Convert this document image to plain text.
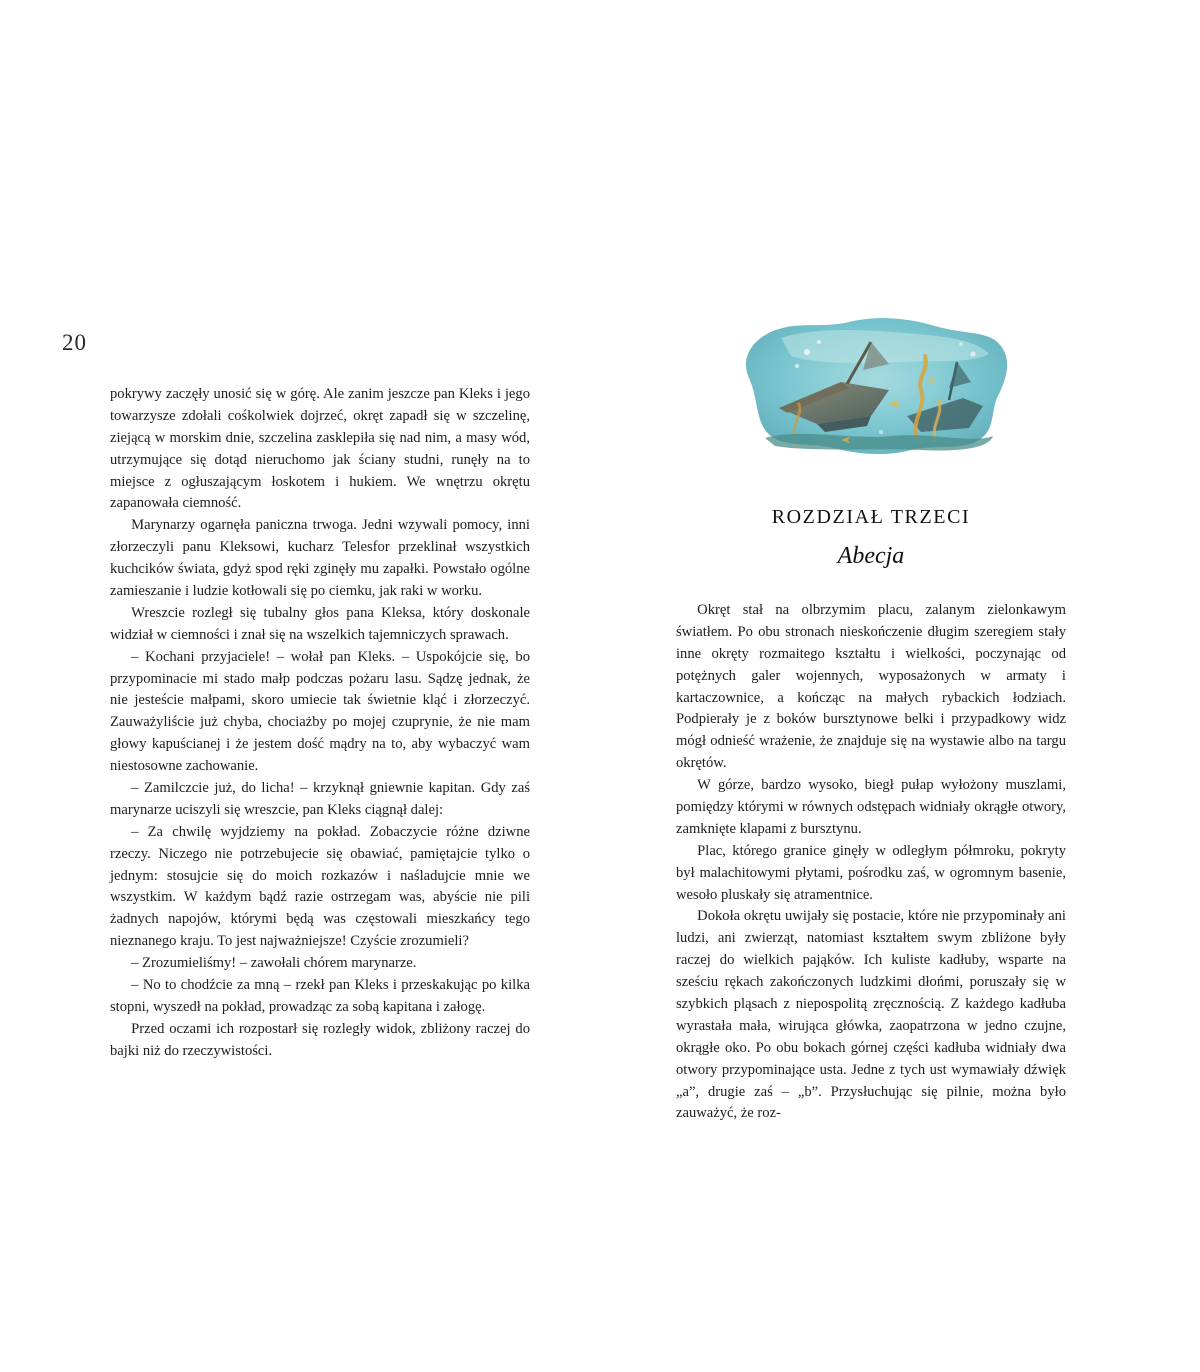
20

pokrywy zaczęły unosić się w górę. Ale zanim jeszcze pan Kleks i jego towarzysze zdołali cośkolwiek dojrzeć, okręt zapadł się w szczelinę, ziejącą w morskim dnie, szczelina zasklepiła się nad nim, a masy wód, utrzymujące się dotąd nieruchomo jak ściany studni, runęły na to miejsce z ogłuszającym łoskotem i hukiem. We wnętrzu okrętu zapanowała ciemność.

Marynarzy ogarnęła paniczna trwoga. Jedni wzywali pomocy, inni złorzeczyli panu Kleksowi, kucharz Telesfor przeklinał wszystkich kuchcików świata, gdyż spod ręki zginęły mu zapałki. Powstało ogólne zamieszanie i ludzie kotłowali się po ciemku, jak raki w worku.

Wreszcie rozległ się tubalny głos pana Kleksa, który doskonale widział w ciemności i znał się na wszelkich tajemniczych sprawach.

– Kochani przyjaciele! – wołał pan Kleks. – Uspokójcie się, bo przypominacie mi stado małp podczas pożaru lasu. Sądzę jednak, że nie jesteście małpami, skoro umiecie tak świetnie kląć i złorzeczyć. Zauważyliście już chyba, chociażby po mojej czuprynie, że nie mam głowy kapuścianej i że jestem dość mądry na to, aby wybaczyć wam niestosowne zachowanie.

– Zamilczcie już, do licha! – krzyknął gniewnie kapitan. Gdy zaś marynarze uciszyli się wreszcie, pan Kleks ciągnął dalej:

– Za chwilę wyjdziemy na pokład. Zobaczycie różne dziwne rzeczy. Niczego nie potrzebujecie się obawiać, pamiętajcie tylko o jednym: stosujcie się do moich rozkazów i naśladujcie mnie we wszystkim. W każdym bądź razie ostrzegam was, abyście nie pili żadnych napojów, którymi będą was częstowali mieszkańcy tego nieznanego kraju. To jest najważniejsze! Czyście zrozumieli?

– Zrozumieliśmy! – zawołali chórem marynarze.

– No to chodźcie za mną – rzekł pan Kleks i przeskakując po kilka stopni, wyszedł na pokład, prowadząc za sobą kapitana i załogę.

Przed oczami ich rozpostarł się rozległy widok, zbliżony raczej do bajki niż do rzeczywistości.

ROZDZIAŁ TRZECI
Abecja

Okręt stał na olbrzymim placu, zalanym zielonkawym światłem. Po obu stronach nieskończenie długim szeregiem stały inne okręty rozmaitego kształtu i wielkości, poczynając od potężnych galer wojennych, wyposażonych w armaty i kartaczownice, a kończąc na małych rybackich łodziach. Podpierały je z boków bursztynowe belki i przypadkowy widz mógł odnieść wrażenie, że znajduje się na wystawie albo na targu okrętów.

W górze, bardzo wysoko, biegł pułap wyłożony muszlami, pomiędzy którymi w równych odstępach widniały okrągłe otwory, zamknięte klapami z bursztynu.

Plac, którego granice ginęły w odległym półmroku, pokryty był malachitowymi płytami, pośrodku zaś, w ogromnym basenie, wesoło pluskały się atramentnice.

Dokoła okrętu uwijały się postacie, które nie przypominały ani ludzi, ani zwierząt, natomiast kształtem swym zbliżone były raczej do wielkich pająków. Ich kuliste kadłuby, wsparte na sześciu rękach zakończonych ludzkimi dłońmi, poruszały się w szybkich pląsach z niepospolitą zręcznością. Z każdego kadłuba wyrastała mała, wirująca główka, zaopatrzona w jedno czujne, okrągłe oko. Po obu bokach górnej części kadłuba widniały dwa otwory przypominające usta. Jedne z tych ust wymawiały dźwięk „a”, drugie zaś – „b”. Przysłuchując się pilnie, można było zauważyć, że roz-
